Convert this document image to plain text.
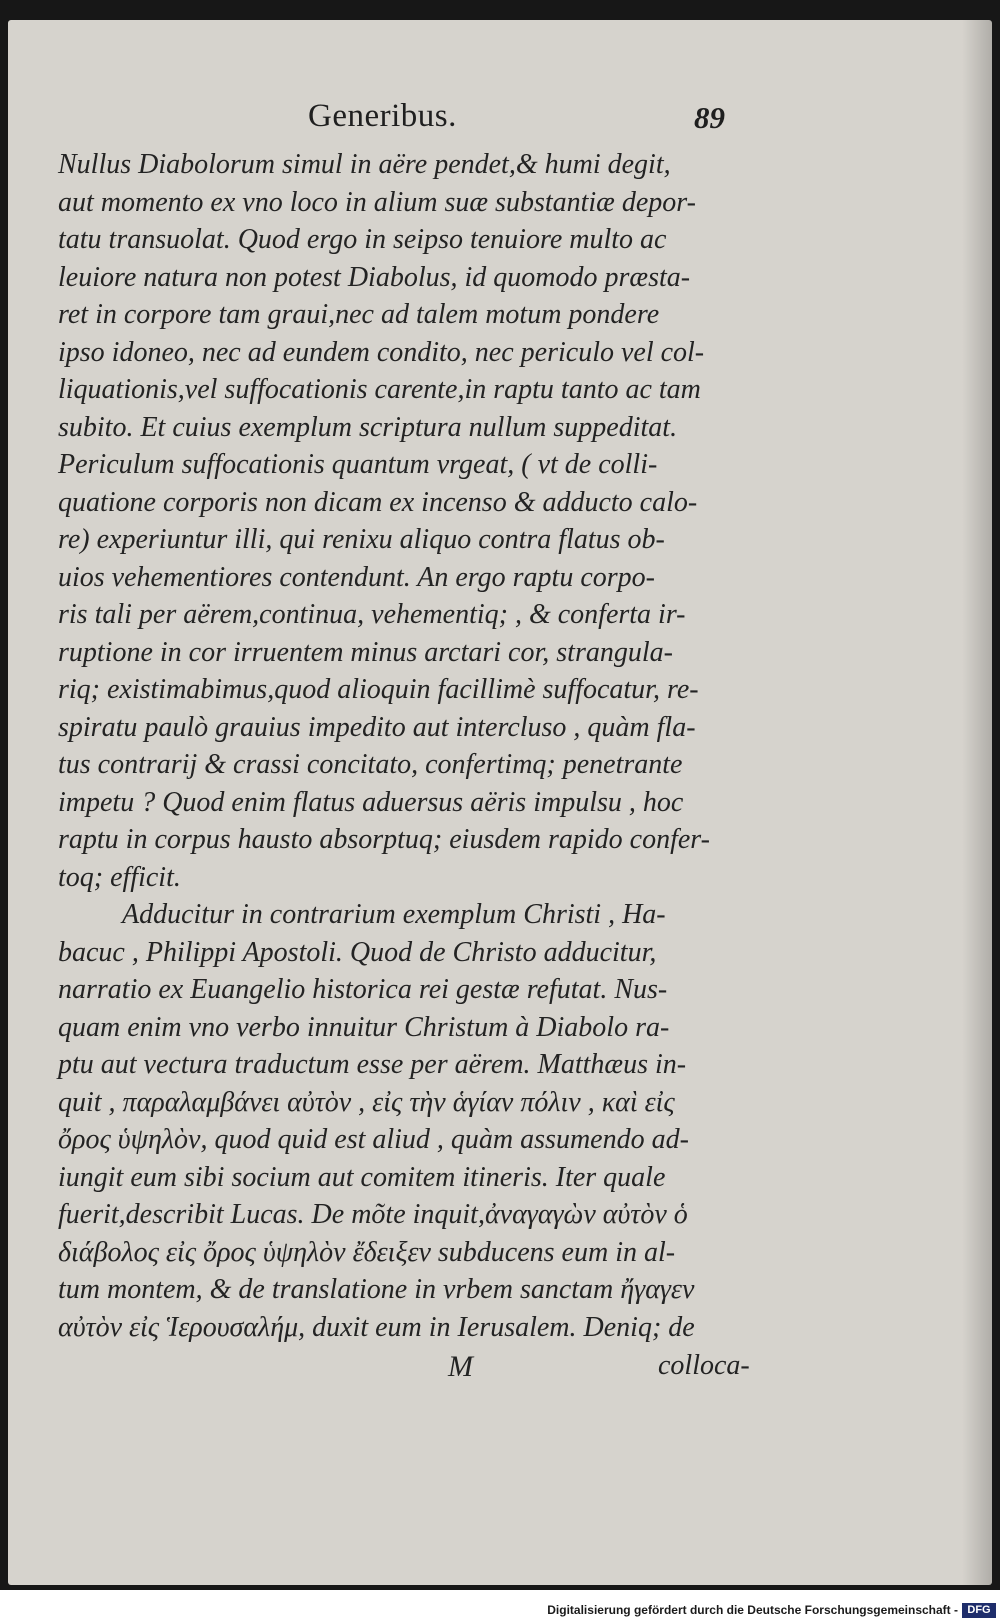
Generibus.	89
Nullus Diabolorum simul in aëre pendet,& humi degit,
aut momento ex vno loco in alium suæ substantiæ depor-
tatu transuolat. Quod ergo in seipso tenuiore multo ac
leuiore natura non potest Diabolus, id quomodo præsta-
ret in corpore tam graui,nec ad talem motum pondere
ipso idoneo, nec ad eundem condito, nec periculo vel col-
liquationis,vel suffocationis carente,in raptu tanto ac tam
subito. Et cuius exemplum scriptura nullum suppeditat.
Periculum suffocationis quantum vrgeat, ( vt de colli-
quatione corporis non dicam ex incenso & adducto calo-
re) experiuntur illi, qui renixu aliquo contra flatus ob-
uios vehementiores contendunt. An ergo raptu corpo-
ris tali per aërem,continua, vehementiq; , & conferta ir-
ruptione in cor irruentem minus arctari cor, strangula-
riq; existimabimus,quod alioquin facillimè suffocatur, re-
spiratu paulò grauius impedito aut intercluso , quàm fla-
tus contrarij & crassi concitato, confertimq; penetrante
impetu ? Quod enim flatus aduersus aëris impulsu , hoc
raptu in corpus hausto absorptuq; eiusdem rapido confer-
toq; efficit.
Adducitur in contrarium exemplum Christi , Ha-
bacuc , Philippi Apostoli. Quod de Christo adducitur,
narratio ex Euangelio historica rei gestæ refutat. Nus-
quam enim vno verbo innuitur Christum à Diabolo ra-
ptu aut vectura traductum esse per aërem. Matthæus in-
quit , παραλαμβάνει αὐτὸν , εἰς τὴν ἁγίαν πόλιν , καὶ εἰς
ὄρος ὑψηλὸν, quod quid est aliud , quàm assumendo ad-
iungit eum sibi socium aut comitem itineris. Iter quale
fuerit,describit Lucas. De mõte inquit,ἀναγαγὼν αὐτὸν ὁ
διάβολος εἰς ὄρος ὑψηλὸν ἔδειξεν subducens eum in al-
tum montem, & de translatione in vrbem sanctam ἤγαγεν
αὐτὸν εἰς Ἱερουσαλήμ, duxit eum in Ierusalem. Deniq; de
M	colloca-
Digitalisierung gefördert durch die Deutsche Forschungsgemeinschaft - DFG
